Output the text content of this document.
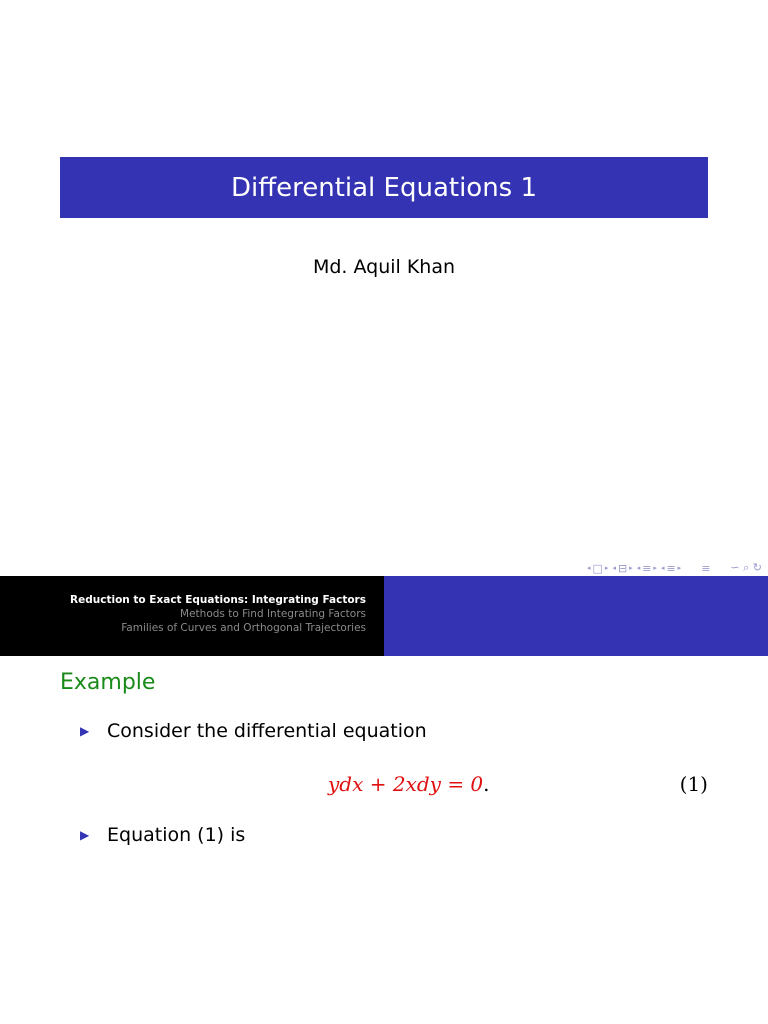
Differential Equations 1
Md. Aquil Khan
◂ □ ▸ ◂ ⊟ ▸ ◂ ≡ ▸ ◂ ≡ ▸ ≡ ∽ ⌕ ↻
Reduction to Exact Equations: Integrating Factors
Methods to Find Integrating Factors
Families of Curves and Orthogonal Trajectories
Example
▶ Consider the differential equation
ydx + 2xdy = 0.	(1)
▶ Equation (1) is
